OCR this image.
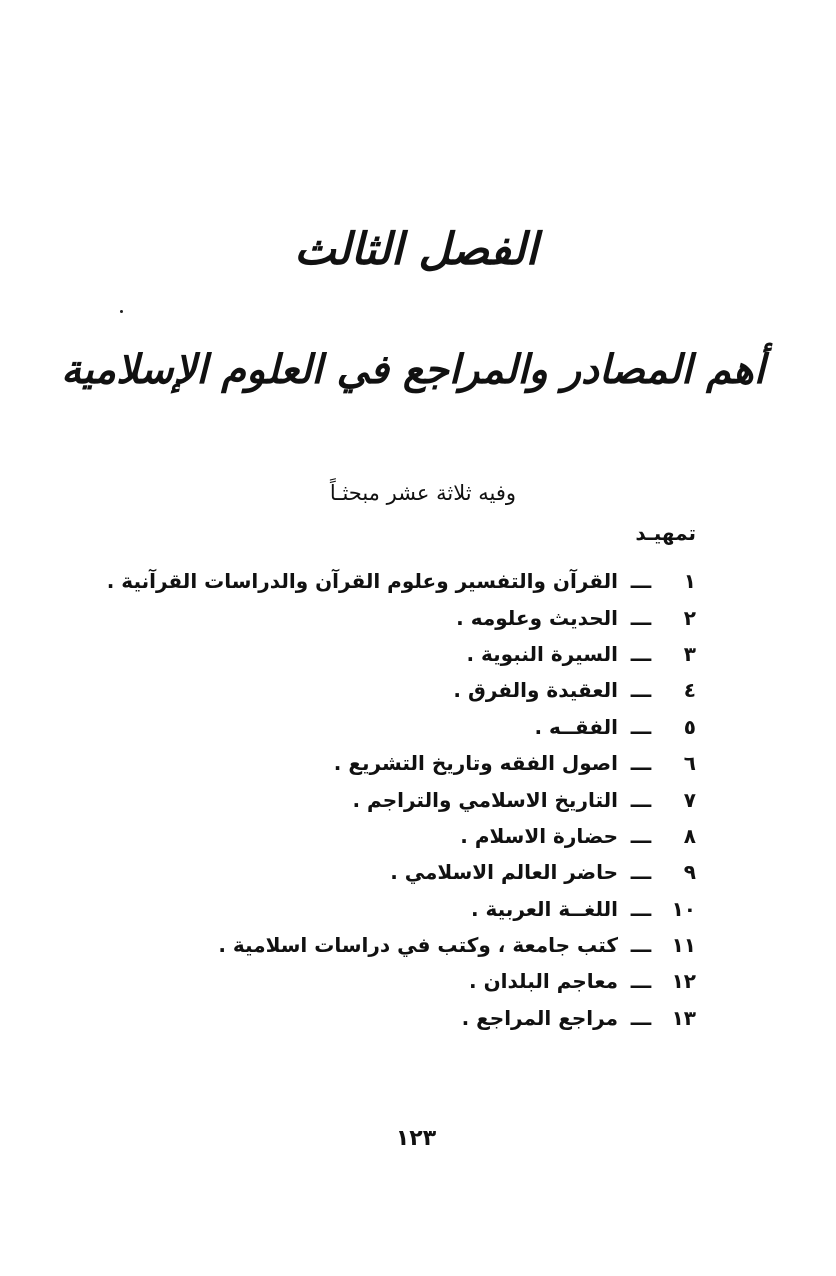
الفصل الثالث
أهم المصادر والمراجع في العلوم الإسلامية
وفيه ثلاثة عشر مبحثـاً
تمهيـد
١
ـــ
القرآن والتفسير وعلوم القرآن والدراسات القرآنية .
٢
ـــ
الحديث وعلومه .
٣
ـــ
السيرة النبوية .
٤
ـــ
العقيدة والفرق .
٥
ـــ
الفقــه .
٦
ـــ
اصول الفقه وتاريخ التشريع .
٧
ـــ
التاريخ الاسلامي والتراجم .
٨
ـــ
حضارة الاسلام .
٩
ـــ
حاضر العالم الاسلامي .
١٠
ـــ
اللغــة العربية .
١١
ـــ
كتب جامعة ، وكتب في دراسات اسلامية .
١٢
ـــ
معاجم البلدان .
١٣
ـــ
مراجع المراجع .
١٢٣
